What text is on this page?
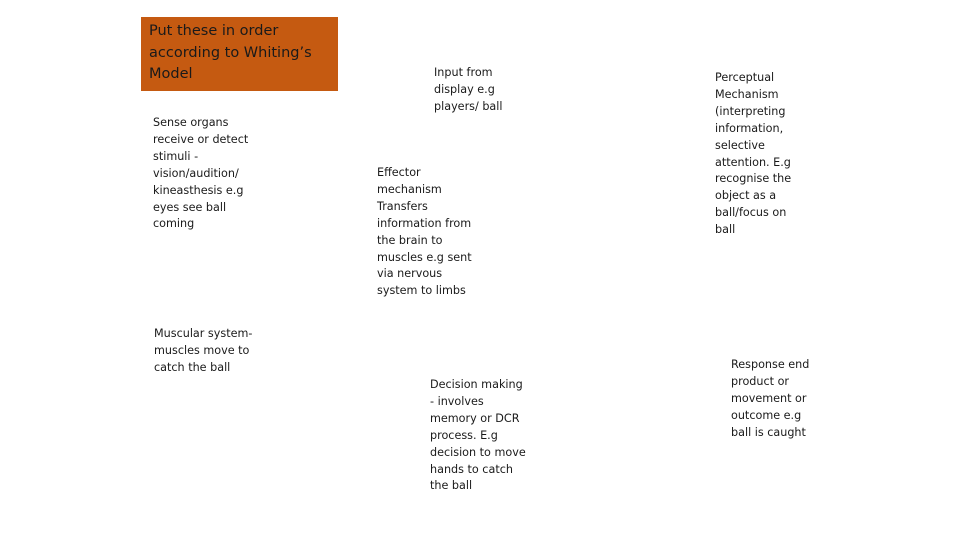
Put these in order according to Whiting’s Model
Sense organs receive or detect stimuli - vision/audition/ kineasthesis e.g eyes see ball coming
Input from display e.g players/ ball
Perceptual Mechanism (interpreting information, selective attention. E.g recognise the object as a ball/focus on ball
Effector mechanism Transfers information from the brain to muscles e.g sent via nervous system to limbs
Muscular system- muscles move to catch the ball	Response end product or movement or outcome e.g ball is caught
Decision making - involves memory or DCR process. E.g decision to move hands to catch the ball
